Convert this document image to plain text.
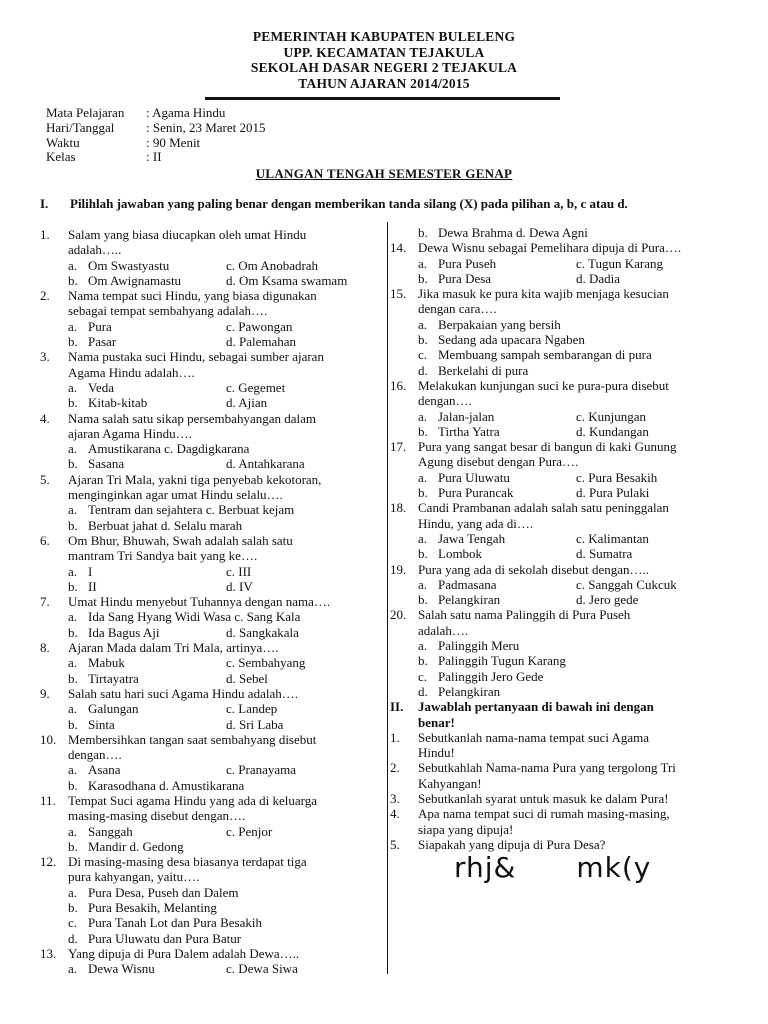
PEMERINTAH KABUPATEN BULELENG
UPP. KECAMATAN TEJAKULA
SEKOLAH DASAR NEGERI 2 TEJAKULA
TAHUN AJARAN 2014/2015
Mata Pelajaran	: Agama Hindu
Hari/Tanggal	: Senin, 23 Maret 2015
Waktu	: 90 Menit
Kelas	: II
ULANGAN TENGAH SEMESTER GENAP
I.	Pilihlah jawaban yang paling benar dengan memberikan tanda silang (X) pada pilihan a, b, c atau d.
1.	Salam yang biasa diucapkan oleh umat Hindu
adalah…..
a. Om Swastyastu	c. Om Anobadrah
b. Om Awignamastu	d. Om Ksama swamam
2.	Nama tempat suci Hindu, yang biasa digunakan
sebagai tempat sembahyang adalah….
a. Pura	c. Pawongan
b. Pasar	d. Palemahan
3.	Nama pustaka suci Hindu, sebagai sumber ajaran
Agama Hindu adalah….
a. Veda	c. Gegemet
b. Kitab-kitab	d. Ajian
4.	Nama salah satu sikap persembahyangan dalam
ajaran Agama Hindu….
a. Amustikarana c. Dagdigkarana
b. Sasana	d. Antahkarana
5.	Ajaran Tri Mala, yakni tiga penyebab kekotoran,
menginginkan agar umat Hindu selalu….
a. Tentram dan sejahtera c. Berbuat kejam
b. Berbuat jahat d. Selalu marah
6.	Om Bhur, Bhuwah, Swah adalah salah satu
mantram Tri Sandya bait yang ke….
a. I	c. III
b. II	d. IV
7.	Umat Hindu menyebut Tuhannya dengan nama….
a. Ida Sang Hyang Widi Wasa c. Sang Kala
b. Ida Bagus Aji	d. Sangkakala
8.	Ajaran Mada dalam Tri Mala, artinya….
a. Mabuk	c. Sembahyang
b. Tirtayatra	d. Sebel
9.	Salah satu hari suci Agama Hindu adalah….
a. Galungan	c. Landep
b. Sinta	d. Sri Laba
10. Membersihkan tangan saat sembahyang disebut
dengan….
a. Asana	c. Pranayama
b. Karasodhana d. Amustikarana
11. Tempat Suci agama Hindu yang ada di keluarga
masing-masing disebut dengan….
a. Sanggah	c. Penjor
b. Mandir d. Gedong
12. Di masing-masing desa biasanya terdapat tiga
pura kahyangan, yaitu….
a. Pura Desa, Puseh dan Dalem
b. Pura Besakih, Melanting
c. Pura Tanah Lot dan Pura Besakih
d. Pura Uluwatu dan Pura Batur
13. Yang dipuja di Pura Dalem adalah Dewa…..
a. Dewa Wisnu	c. Dewa Siwa
b. Dewa Brahma d. Dewa Agni
14. Dewa Wisnu sebagai Pemelihara dipuja di Pura….
a. Pura Puseh	c. Tugun Karang
b. Pura Desa	d. Dadia
15. Jika masuk ke pura kita wajib menjaga kesucian
dengan cara….
a. Berpakaian yang bersih
b. Sedang ada upacara Ngaben
c. Membuang sampah sembarangan di pura
d. Berkelahi di pura
16. Melakukan kunjungan suci ke pura-pura disebut
dengan….
a. Jalan-jalan	c. Kunjungan
b. Tirtha Yatra	d. Kundangan
17. Pura yang sangat besar di bangun di kaki Gunung
Agung disebut dengan Pura….
a. Pura Uluwatu	c. Pura Besakih
b. Pura Purancak	d. Pura Pulaki
18. Candi Prambanan adalah salah satu peninggalan
Hindu, yang ada di….
a. Jawa Tengah	c. Kalimantan
b. Lombok	d. Sumatra
19. Pura yang ada di sekolah disebut dengan…..
a. Padmasana	c. Sanggah Cukcuk
b. Pelangkiran	d. Jero gede
20. Salah satu nama Palinggih di Pura Puseh
adalah….
a. Palinggih Meru
b. Palinggih Tugun Karang
c. Palinggih Jero Gede
d. Pelangkiran
II.	Jawablah pertanyaan di bawah ini dengan
benar!
1.	Sebutkanlah nama-nama tempat suci Agama
Hindu!
2.	Sebutkahlah Nama-nama Pura yang tergolong Tri
Kahyangan!
3.	Sebutkanlah syarat untuk masuk ke dalam Pura!
4.	Apa nama tempat suci di rumah masing-masing,
siapa yang dipuja!
5.	Siapakah yang dipuja di Pura Desa?
rhj& mk(y
